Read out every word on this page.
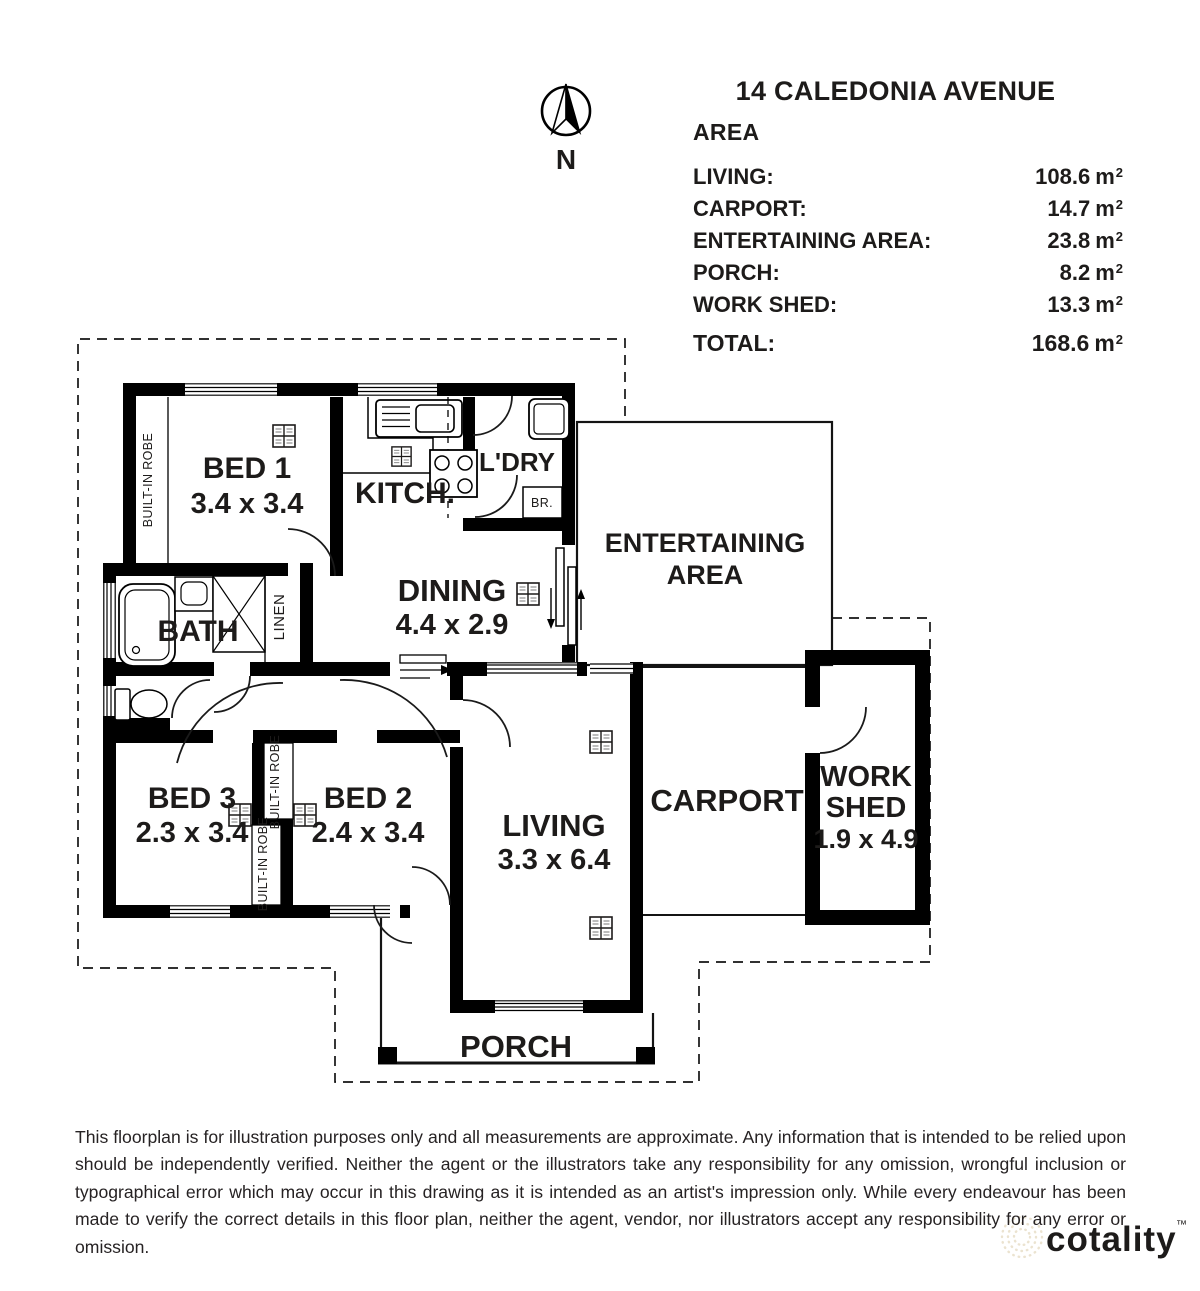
N
BED 1
3.4 x 3.4 KITCH.
L'DRY
BR.
ENTERTAINING
AREA
DINING
4.4 x 2.9
BATH LINEN
BUILT-IN ROBE
BUILT-IN ROBE
BUILT-IN ROBE
BED 3
2.3 x 3.4
BED 2
2.4 x 3.4	LIVING
3.3 x 6.4
CARPORT
WORK
SHED
1.9 x 4.9
PORCH
cotality ™
14 CALEDONIA AVENUE
AREA
LIVING:	108.6 $m^2$
CARPORT:	14.7 $m^2$
ENTERTAINING AREA:	23.8 $m^2$
PORCH:	8.2 $m^2$
WORK SHED:	13.3 $m^2$
TOTAL:	168.6 $m^2$
This floorplan is for illustration purposes only and all measurements are approximate. Any information that is intended to be relied upon should be independently verified. Neither the agent or the illustrators take any responsibility for any omission, wrongful inclusion or typographical error which may occur in this drawing as it is intended as an artist's impression only. While every endeavour has been made to verify the correct details in this floor plan, neither the agent, vendor, nor illustrators accept any responsibility for any error or omission.
